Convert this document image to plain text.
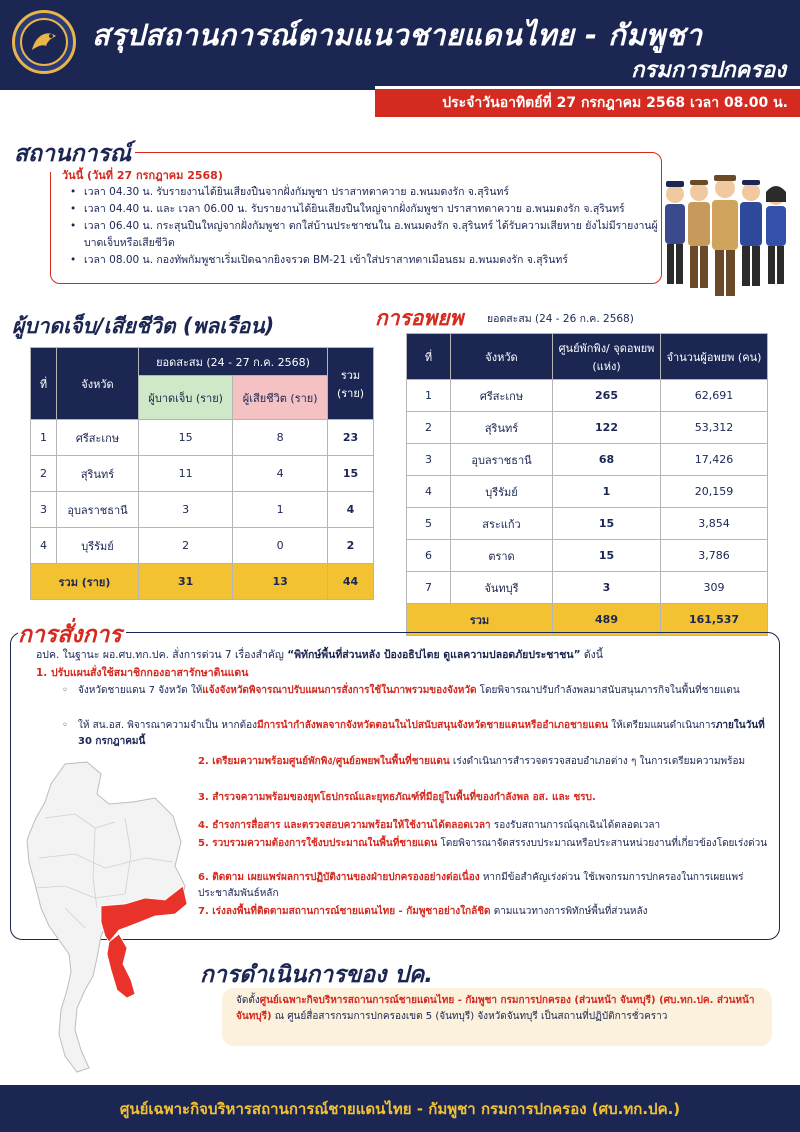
สรุปสถานการณ์ตามแนวชายแดนไทย - กัมพูชา
กรมการปกครอง
ประจำวันอาทิตย์ที่ 27 กรกฎาคม 2568 เวลา 08.00 น.
สถานการณ์
วันนี้ (วันที่ 27 กรกฎาคม 2568)
• เวลา 04.30 น. รับรายงานได้ยินเสียงปืนจากฝั่งกัมพูชา ปราสาทตาควาย อ.พนมดงรัก จ.สุรินทร์
• เวลา 04.40 น. และ เวลา 06.00 น. รับรายงานได้ยินเสียงปืนใหญ่จากฝั่งกัมพูชา ปราสาทตาควาย อ.พนมดงรัก จ.สุรินทร์
• เวลา 06.40 น. กระสุนปืนใหญ่จากฝั่งกัมพูชา ตกใส่บ้านประชาชนใน อ.พนมดงรัก จ.สุรินทร์ ได้รับความเสียหาย ยังไม่มีรายงานผู้บาดเจ็บหรือเสียชีวิต
• เวลา 08.00 น. กองทัพกัมพูชาเริ่มเปิดฉากยิงจรวด BM-21 เข้าใส่ปราสาทตาเมือนธม อ.พนมดงรัก จ.สุรินทร์
ผู้บาดเจ็บ/เสียชีวิต (พลเรือน)
ที่	จังหวัด	ยอดสะสม (24 - 27 ก.ค. 2568)		รวม (ราย)
		ผู้บาดเจ็บ (ราย)	ผู้เสียชีวิต (ราย)	
1	ศรีสะเกษ	15	8	23
2	สุรินทร์	11	4	15
3	อุบลราชธานี	3	1	4
4	บุรีรัมย์	2	0	2
รวม (ราย)		31	13	44
การอพยพ ยอดสะสม (24 - 26 ก.ค. 2568)
ที่	จังหวัด	ศูนย์พักพิง/ จุดอพยพ (แห่ง)	จำนวนผู้อพยพ (คน)
1	ศรีสะเกษ	265	62,691
2	สุรินทร์	122	53,312
3	อุบลราชธานี	68	17,426
4	บุรีรัมย์	1	20,159
5	สระแก้ว	15	3,854
6	ตราด	15	3,786
7	จันทบุรี	3	309
รวม		489	161,537
การสั่งการ
อปค. ในฐานะ ผอ.ศบ.ทก.ปค. สั่งการด่วน 7 เรื่องสำคัญ “พิทักษ์พื้นที่ส่วนหลัง ป้องอธิปไตย ดูแลความปลอดภัยประชาชน” ดังนี้
1. ปรับแผนสั่งใช้สมาชิกกองอาสารักษาดินแดน
◦ จังหวัดชายแดน 7 จังหวัด ให้แจ้งจังหวัดพิจารณาปรับแผนการสั่งการใช้ในภาพรวมของจังหวัด โดยพิจารณาปรับกำลังพลมาสนับสนุนภารกิจในพื้นที่ชายแดน
◦ ให้ สน.อส. พิจารณาความจำเป็น หากต้องมีการนำกำลังพลจากจังหวัดตอนในไปสนับสนุนจังหวัดชายแดนหรืออำเภอชายแดน ให้เตรียมแผนดำเนินการภายในวันที่ 30 กรกฎาคมนี้
2. เตรียมความพร้อมศูนย์พักพิง/ศูนย์อพยพในพื้นที่ชายแดน เร่งดำเนินการสำรวจตรวจสอบอำเภอต่าง ๆ ในการเตรียมความพร้อม
3. สำรวจความพร้อมของยุทโธปกรณ์และยุทธภัณฑ์ที่มีอยู่ในพื้นที่ของกำลังพล อส. และ ชรบ.
4. ธำรงการสื่อสาร และตรวจสอบความพร้อมให้ใช้งานได้ตลอดเวลา รองรับสถานการณ์ฉุกเฉินได้ตลอดเวลา
5. รวบรวมความต้องการใช้งบประมาณในพื้นที่ชายแดน โดยพิจารณาจัดสรรงบประมาณหรือประสานหน่วยงานที่เกี่ยวข้องโดยเร่งด่วน
6. ติดตาม เผยแพร่ผลการปฏิบัติงานของฝ่ายปกครองอย่างต่อเนื่อง หากมีข้อสำคัญเร่งด่วน ใช้เพจกรมการปกครองในการเผยแพร่ประชาสัมพันธ์หลัก
7. เร่งลงพื้นที่ติดตามสถานการณ์ชายแดนไทย - กัมพูชาอย่างใกล้ชิด ตามแนวทางการพิทักษ์พื้นที่ส่วนหลัง
การดำเนินการของ ปค.
จัดตั้งศูนย์เฉพาะกิจบริหารสถานการณ์ชายแดนไทย - กัมพูชา กรมการปกครอง (ส่วนหน้า จันทบุรี) (ศบ.ทก.ปค. ส่วนหน้า จันทบุรี) ณ ศูนย์สื่อสารกรมการปกครองเขต 5 (จันทบุรี) จังหวัดจันทบุรี เป็นสถานที่ปฏิบัติการชั่วคราว
ศูนย์เฉพาะกิจบริหารสถานการณ์ชายแดนไทย - กัมพูชา กรมการปกครอง (ศบ.ทก.ปค.)
